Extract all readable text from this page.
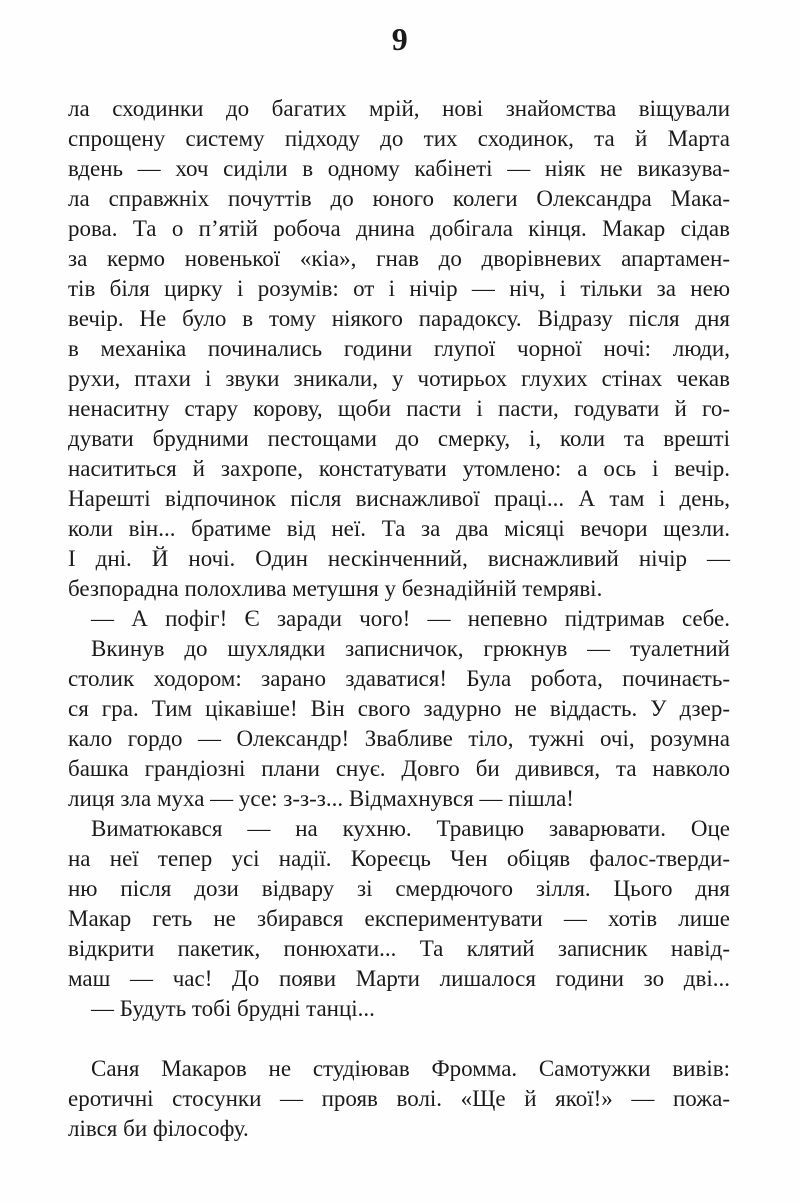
9
ла сходинки до багатих мрій, нові знайомства віщували
спрощену систему підходу до тих сходинок, та й Марта
вдень — хоч сиділи в одному кабінеті — ніяк не виказува-
ла справжніх почуттів до юного колеги Олександра Мака-
рова. Та о п’ятій робоча днина добігала кінця. Макар сідав
за кермо новенької «кіа», гнав до дворівневих апартамен-
тів біля цирку і розумів: от і нічір — ніч, і тільки за нею
вечір. Не було в тому ніякого парадоксу. Відразу після дня
в механіка починались години глупої чорної ночі: люди,
рухи, птахи і звуки зникали, у чотирьох глухих стінах чекав
ненаситну стару корову, щоби пасти і пасти, годувати й го-
дувати брудними пестощами до смерку, і, коли та врешті
насититься й захропе, констатувати утомлено: а ось і вечір.
Нарешті відпочинок після виснажливої праці... А там і день,
коли він... братиме від неї. Та за два місяці вечори щезли.
І дні. Й ночі. Один нескінченний, виснажливий нічір —
безпорадна полохлива метушня у безнадійній темряві.
— А пофіг! Є заради чого! — непевно підтримав себе.
Вкинув до шухлядки записничок, грюкнув — туалетний
столик ходором: зарано здаватися! Була робота, починаєть-
ся гра. Тим цікавіше! Він свого задурно не віддасть. У дзер-
кало гордо — Олександр! Звабливе тіло, тужні очі, розумна
башка грандіозні плани снує. Довго би дивився, та навколо
лиця зла муха — усе: з-з-з... Відмахнувся — пішла!
Виматюкався — на кухню. Травицю заварювати. Оце
на неї тепер усі надії. Кореєць Чен обіцяв фалос-тверди-
ню після дози відвару зі смердючого зілля. Цього дня
Макар геть не збирався експериментувати — хотів лише
відкрити пакетик, понюхати... Та клятий записник навід-
маш — час! До появи Марти лишалося години зо дві...
— Будуть тобі брудні танці...
Саня Макаров не студіював Фромма. Самотужки вивів:
еротичні стосунки — прояв волі. «Ще й якої!» — пожа-
лівся би філософу.
